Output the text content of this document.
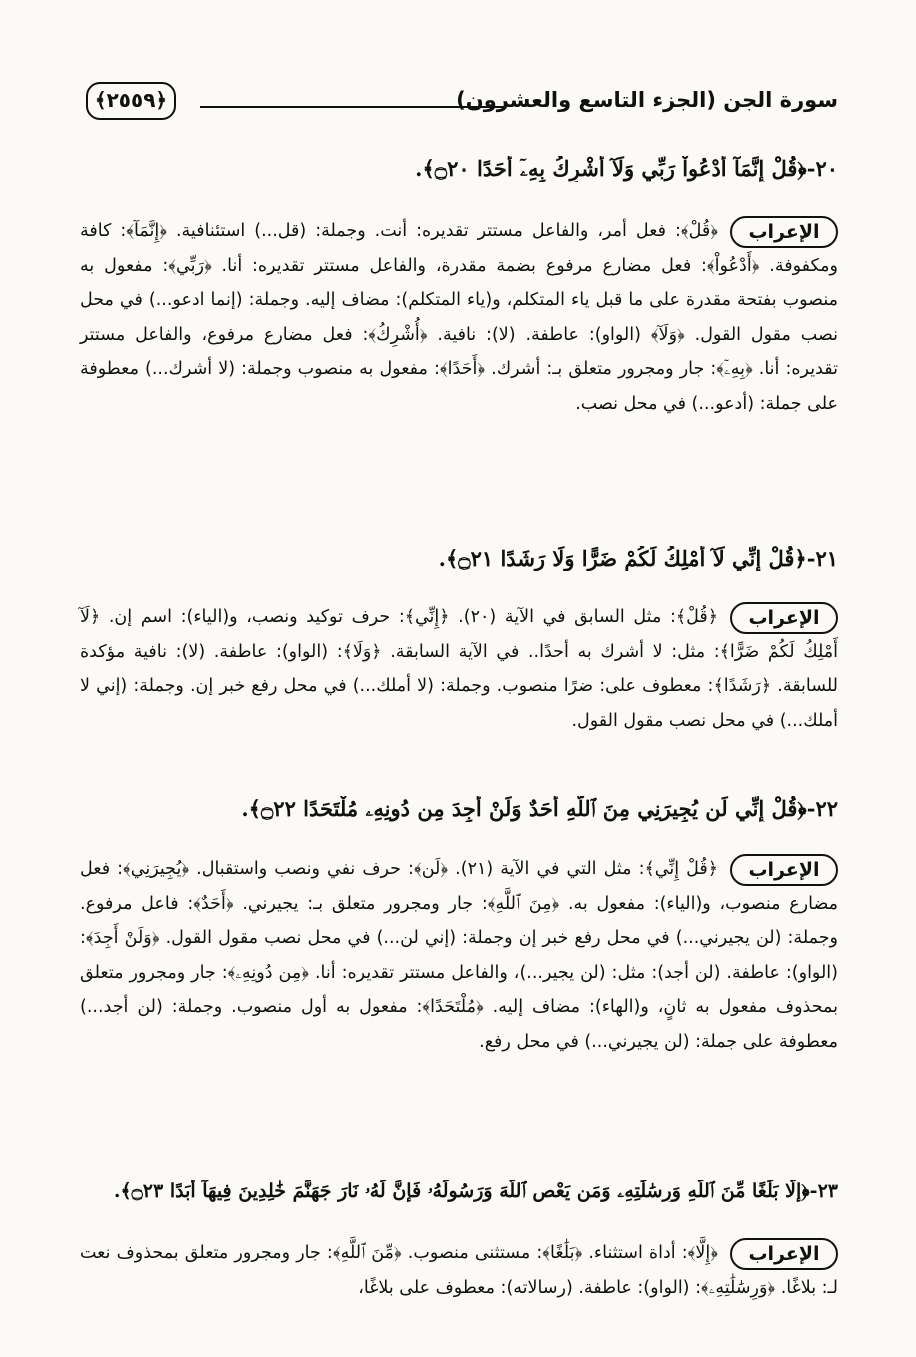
سورة الجن (الجزء التاسع والعشرون)
﴿٢٥٥٩﴾
٢٠-﴿قُلْ إِنَّمَآ أَدْعُواْ رَبِّي وَلَآ أُشْرِكُ بِهِۦٓ أَحَدًا ۝٢٠﴾.
الإعراب
﴿قُلْ﴾: فعل أمر، والفاعل مستتر تقديره: أنت. وجملة: (قل...) استئنافية. ﴿إِنَّمَآ﴾: كافة ومكفوفة. ﴿أَدْعُواْ﴾: فعل مضارع مرفوع بضمة مقدرة، والفاعل مستتر تقديره: أنا. ﴿رَبِّي﴾: مفعول به منصوب بفتحة مقدرة على ما قبل ياء المتكلم، و(ياء المتكلم): مضاف إليه. وجملة: (إنما ادعو...) في محل نصب مقول القول. ﴿وَلَآ﴾ (الواو): عاطفة. (لا): نافية. ﴿أُشْرِكُ﴾: فعل مضارع مرفوع، والفاعل مستتر تقديره: أنا. ﴿بِهِۦٓ﴾: جار ومجرور متعلق بـ: أشرك. ﴿أَحَدًا﴾: مفعول به منصوب وجملة: (لا أشرك...) معطوفة على جملة: (أدعو...) في محل نصب.
٢١-﴿قُلْ إِنِّي لَآ أَمْلِكُ لَكُمْ ضَرًّا وَلَا رَشَدًا ۝٢١﴾.
الإعراب
﴿قُلْ﴾: مثل السابق في الآية (٢٠). ﴿إِنِّي﴾: حرف توكيد ونصب، و(الياء): اسم إن. ﴿لَآ أَمْلِكُ لَكُمْ ضَرًّا﴾: مثل: لا أشرك به أحدًا.. في الآية السابقة. ﴿وَلَا﴾: (الواو): عاطفة. (لا): نافية مؤكدة للسابقة. ﴿رَشَدًا﴾: معطوف على: ضرًا منصوب. وجملة: (لا أملك...) في محل رفع خبر إن. وجملة: (إني لا أملك...) في محل نصب مقول القول.
٢٢-﴿قُلْ إِنِّي لَن يُجِيرَنِي مِنَ ٱللَّهِ أَحَدٌ وَلَنْ أَجِدَ مِن دُونِهِۦ مُلْتَحَدًا ۝٢٢﴾.
الإعراب
﴿قُلْ إِنِّي﴾: مثل التي في الآية (٢١). ﴿لَن﴾: حرف نفي ونصب واستقبال. ﴿يُجِيرَنِي﴾: فعل مضارع منصوب، و(الياء): مفعول به. ﴿مِنَ ٱللَّهِ﴾: جار ومجرور متعلق بـ: يجيرني. ﴿أَحَدٌ﴾: فاعل مرفوع. وجملة: (لن يجيرني...) في محل رفع خبر إن وجملة: (إني لن...) في محل نصب مقول القول. ﴿وَلَنْ أَجِدَ﴾: (الواو): عاطفة. (لن أجد): مثل: (لن يجير...)، والفاعل مستتر تقديره: أنا. ﴿مِن دُونِهِۦ﴾: جار ومجرور متعلق بمحذوف مفعول به ثانٍ، و(الهاء): مضاف إليه. ﴿مُلْتَحَدًا﴾: مفعول به أول منصوب. وجملة: (لن أجد...) معطوفة على جملة: (لن يجيرني...) في محل رفع.
٢٣-﴿إِلَّا بَلَٰغًا مِّنَ ٱللَّهِ وَرِسَٰلَٰتِهِۦ وَمَن يَعْصِ ٱللَّهَ وَرَسُولَهُۥ فَإِنَّ لَهُۥ نَارَ جَهَنَّمَ خَٰلِدِينَ فِيهَآ أَبَدًا ۝٢٣﴾.
الإعراب
﴿إِلَّا﴾: أداة استثناء. ﴿بَلَٰغًا﴾: مستثنى منصوب. ﴿مِّنَ ٱللَّهِ﴾: جار ومجرور متعلق بمحذوف نعت لـ: بلاغًا. ﴿وَرِسَٰلَٰتِهِۦ﴾: (الواو): عاطفة. (رسالاته): معطوف على بلاغًا،
